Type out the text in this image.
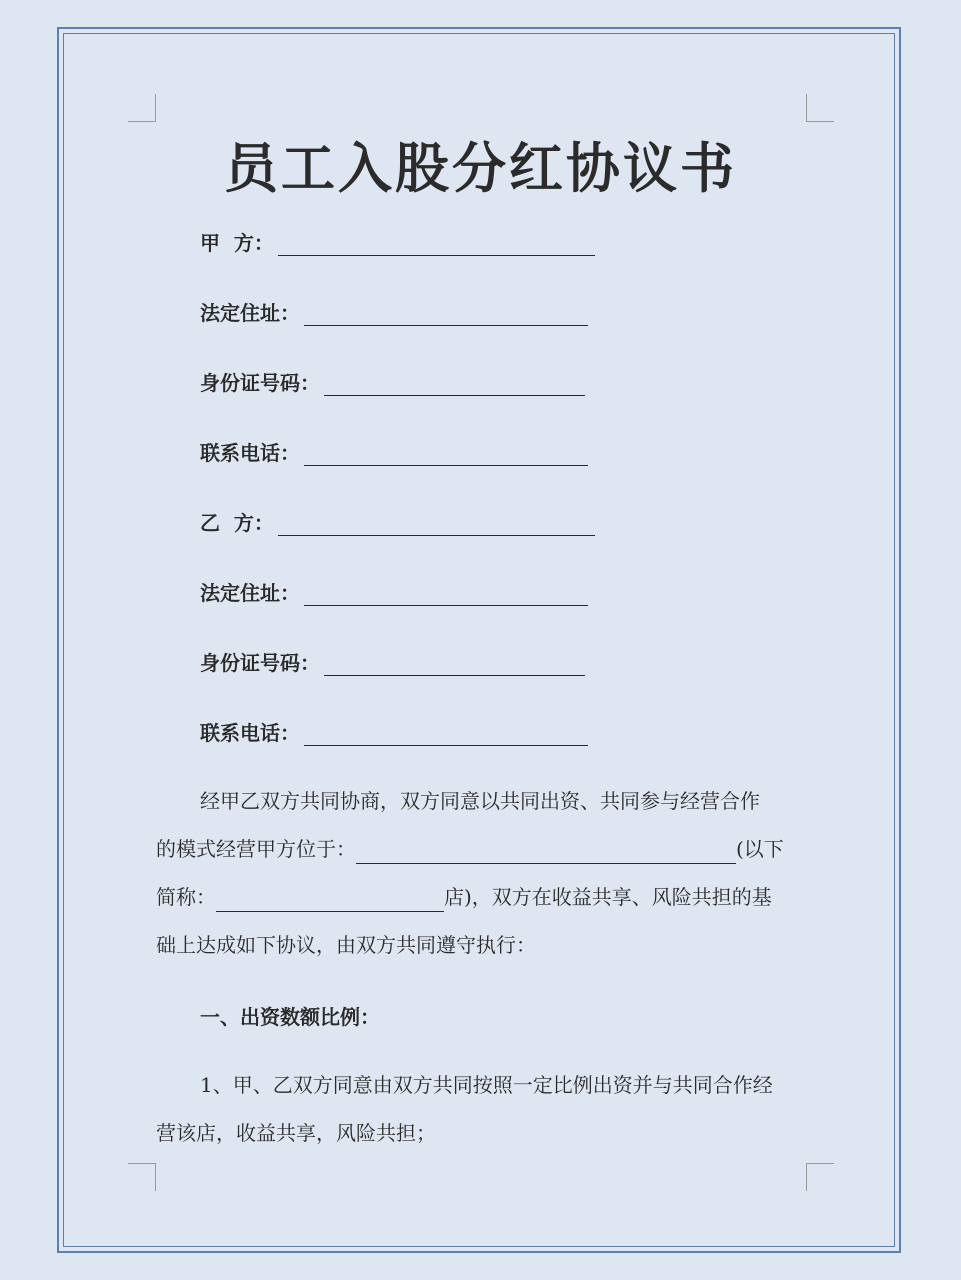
员工入股分红协议书
甲  方：
法定住址：
身份证号码：
联系电话：
乙  方：
法定住址：
身份证号码：
联系电话：
经甲乙双方共同协商，双方同意以共同出资、共同参与经营合作
的模式经营甲方位于：	(以下
简称：	店)，双方在收益共享、风险共担的基
础上达成如下协议，由双方共同遵守执行：
一、出资数额比例：
1、甲、乙双方同意由双方共同按照一定比例出资并与共同合作经
营该店，收益共享，风险共担；
